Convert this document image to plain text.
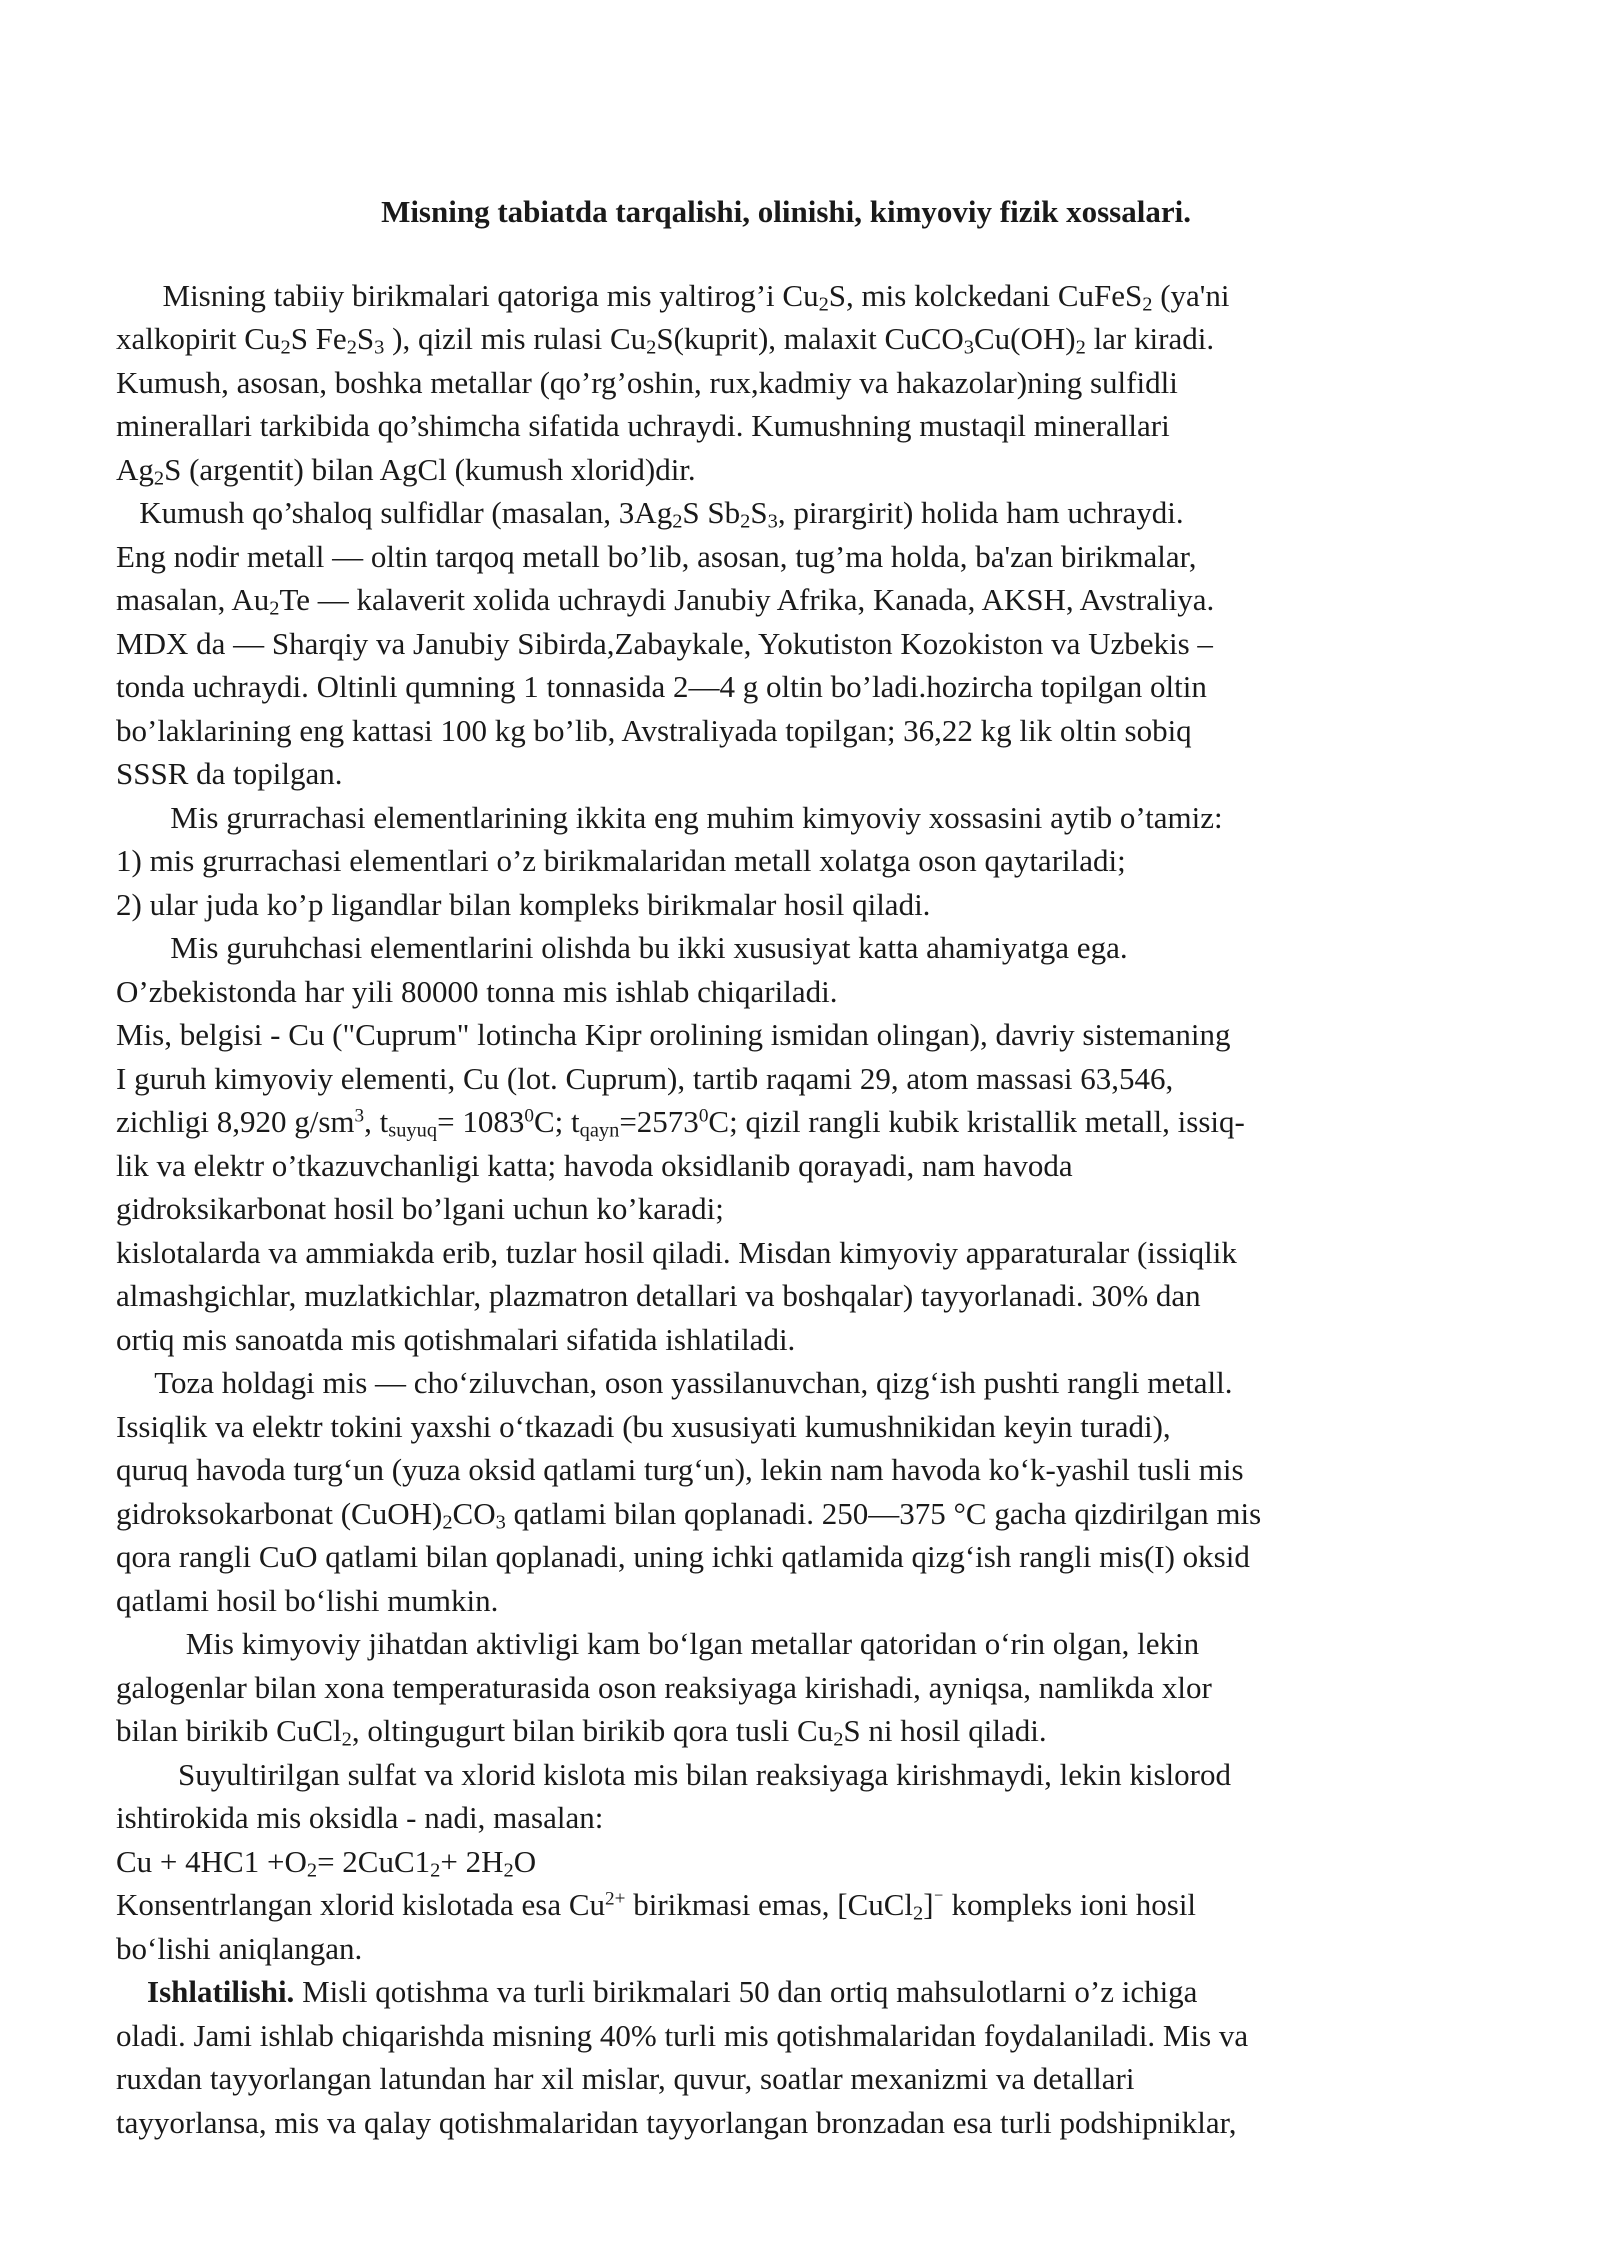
Misning tabiatda tarqalishi, olinishi, kimyoviy fizik xossalari.
Misning tabiiy birikmalari qatoriga mis yaltirog’i $Cu_2S$, mis kolckedani CuFeS$_2$ (ya'ni
xalkopirit $Cu_2S$ $Fe_2S_3$ ), qizil mis rulasi $Cu_2S(kuprit)$, malaxit $CuCO_3Cu(OH)_2$ lar kiradi.
Kumush, asosan, boshka metallar (qo’rg’oshin, rux,kadmiy va hakazolar)ning sulfidli
minerallari tarkibida qo’shimcha sifatida uchraydi. Kumushning mustaqil minerallari
$Ag_2S$ (argentit) bilan AgCl (kumush xlorid)dir.
Kumush qo’shaloq sulfidlar (masalan, $3Ag_2S$ $Sb_2S_3$, pirargirit) holida ham uchraydi.
Eng nodir metall — oltin tarqoq metall bo’lib, asosan, tug’ma holda, ba'zan birikmalar,
masalan, $Au_2Te$ — kalaverit xolida uchraydi Janubiy Afrika, Kanada, AKSH, Avstraliya.
MDX da — Sharqiy va Janubiy Sibirda,Zabaykale, Yokutiston Kozokiston va Uzbekis –
tonda uchraydi. Oltinli qumning 1 tonnasida 2—4 g oltin bo’ladi.hozircha topilgan oltin
bo’laklarining eng kattasi 100 kg bo’lib, Avstraliyada topilgan; 36,22 kg lik oltin sobiq
SSSR da topilgan.
Mis grurrachasi elementlarining ikkita eng muhim kimyoviy xossasini aytib o’tamiz:
1) mis grurrachasi elementlari o’z birikmalaridan metall xolatga oson qaytariladi;
2) ular juda ko’p ligandlar bilan kompleks birikmalar hosil qiladi.
Mis guruhchasi elementlarini olishda bu ikki xususiyat katta ahamiyatga ega.
O’zbekistonda har yili 80000 tonna mis ishlab chiqariladi.
Mis, belgisi - Cu ("Cuprum" lotincha Kipr orolining ismidan olingan), davriy sistemaning
I guruh kimyoviy elementi, Cu (lot. Cuprum), tartib raqami 29, atom massasi 63,546,
zichligi 8,920 $g/sm^3$, $t_{suyuq}= 1083^0C$; $t_{qayn}=2573^0C$; qizil rangli kubik kristallik metall, issiq-
lik va elektr o’tkazuvchanligi katta; havoda oksidlanib qorayadi, nam havoda
gidroksikarbonat hosil bo’lgani uchun ko’karadi;
kislotalarda va ammiakda erib, tuzlar hosil qiladi. Misdan kimyoviy apparaturalar (issiqlik
almashgichlar, muzlatkichlar, plazmatron detallari va boshqalar) tayyorlanadi. 30% dan
ortiq mis sanoatda mis qotishmalari sifatida ishlatiladi.
Toza holdagi mis — cho‘ziluvchan, oson yassilanuvchan, qizg‘ish pushti rangli metall.
Issiqlik va elektr tokini yaxshi o‘tkazadi (bu xususiyati kumushnikidan keyin turadi),
quruq havoda turg‘un (yuza oksid qatlami turg‘un), lekin nam havoda ko‘k-yashil tusli mis
gidroksokarbonat $(CuOH)_2CO_3$ qatlami bilan qoplanadi. 250—375 °C gacha qizdirilgan mis
qora rangli CuO qatlami bilan qoplanadi, uning ichki qatlamida qizg‘ish rangli mis(I) oksid
qatlami hosil bo‘lishi mumkin.
Mis kimyoviy jihatdan aktivligi kam bo‘lgan metallar qatoridan o‘rin olgan, lekin
galogenlar bilan xona temperaturasida oson reaksiyaga kirishadi, ayniqsa, namlikda xlor
bilan birikib CuCl$_2$, oltingugurt bilan birikib qora tusli $Cu_2S$ ni hosil qiladi.
Suyultirilgan sulfat va xlorid kislota mis bilan reaksiyaga kirishmaydi, lekin kislorod
ishtirokida mis oksidla - nadi, masalan:
$Cu + 4HC1 +O_2= 2CuC1_2+ 2H_2O$
Konsentrlangan xlorid kislotada esa $Cu^{2+}$ birikmasi emas, [CuCl$_2$]⁻ kompleks ioni hosil
bo‘lishi aniqlangan.
Ishlatilishi. Misli qotishma va turli birikmalari 50 dan ortiq mahsulotlarni o’z ichiga
oladi. Jami ishlab chiqarishda misning 40% turli mis qotishmalaridan foydalaniladi. Mis va
ruxdan tayyorlangan latundan har xil mislar, quvur, soatlar mexanizmi va detallari
tayyorlansa, mis va qalay qotishmalaridan tayyorlangan bronzadan esa turli podshipniklar,
